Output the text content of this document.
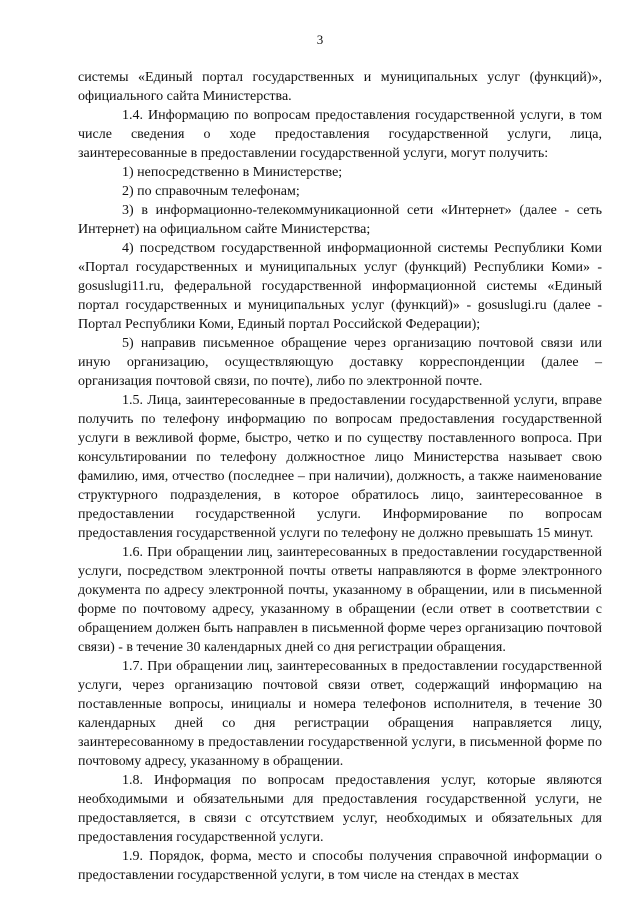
3

системы «Единый портал государственных и муниципальных услуг (функций)», официального сайта Министерства.

1.4. Информацию по вопросам предоставления государственной услуги, в том числе сведения о ходе предоставления государственной услуги, лица, заинтересованные в предоставлении государственной услуги, могут получить:

1) непосредственно в Министерстве;

2) по справочным телефонам;

3) в информационно-телекоммуникационной сети «Интернет» (далее - сеть Интернет) на официальном сайте Министерства;

4) посредством государственной информационной системы Республики Коми «Портал государственных и муниципальных услуг (функций) Республики Коми» - gosuslugi11.ru, федеральной государственной информационной системы «Единый портал государственных и муниципальных услуг (функций)» - gosuslugi.ru (далее - Портал Республики Коми, Единый портал Российской Федерации);

5) направив письменное обращение через организацию почтовой связи или иную организацию, осуществляющую доставку корреспонденции (далее – организация почтовой связи, по почте), либо по электронной почте.

1.5. Лица, заинтересованные в предоставлении государственной услуги, вправе получить по телефону информацию по вопросам предоставления государственной услуги в вежливой форме, быстро, четко и по существу поставленного вопроса. При консультировании по телефону должностное лицо Министерства называет свою фамилию, имя, отчество (последнее – при наличии), должность, а также наименование структурного подразделения, в которое обратилось лицо, заинтересованное в предоставлении государственной услуги. Информирование по вопросам предоставления государственной услуги по телефону не должно превышать 15 минут.

1.6. При обращении лиц, заинтересованных в предоставлении государственной услуги, посредством электронной почты ответы направляются в форме электронного документа по адресу электронной почты, указанному в обращении, или в письменной форме по почтовому адресу, указанному в обращении (если ответ в соответствии с обращением должен быть направлен в письменной форме через организацию почтовой связи) - в течение 30 календарных дней со дня регистрации обращения.

1.7. При обращении лиц, заинтересованных в предоставлении государственной услуги, через организацию почтовой связи ответ, содержащий информацию на поставленные вопросы, инициалы и номера телефонов исполнителя, в течение 30 календарных дней со дня регистрации обращения направляется лицу, заинтересованному в предоставлении государственной услуги, в письменной форме по почтовому адресу, указанному в обращении.

1.8. Информация по вопросам предоставления услуг, которые являются необходимыми и обязательными для предоставления государственной услуги, не предоставляется, в связи с отсутствием услуг, необходимых и обязательных для предоставления государственной услуги.

1.9. Порядок, форма, место и способы получения справочной информации о предоставлении государственной услуги, в том числе на стендах в местах
